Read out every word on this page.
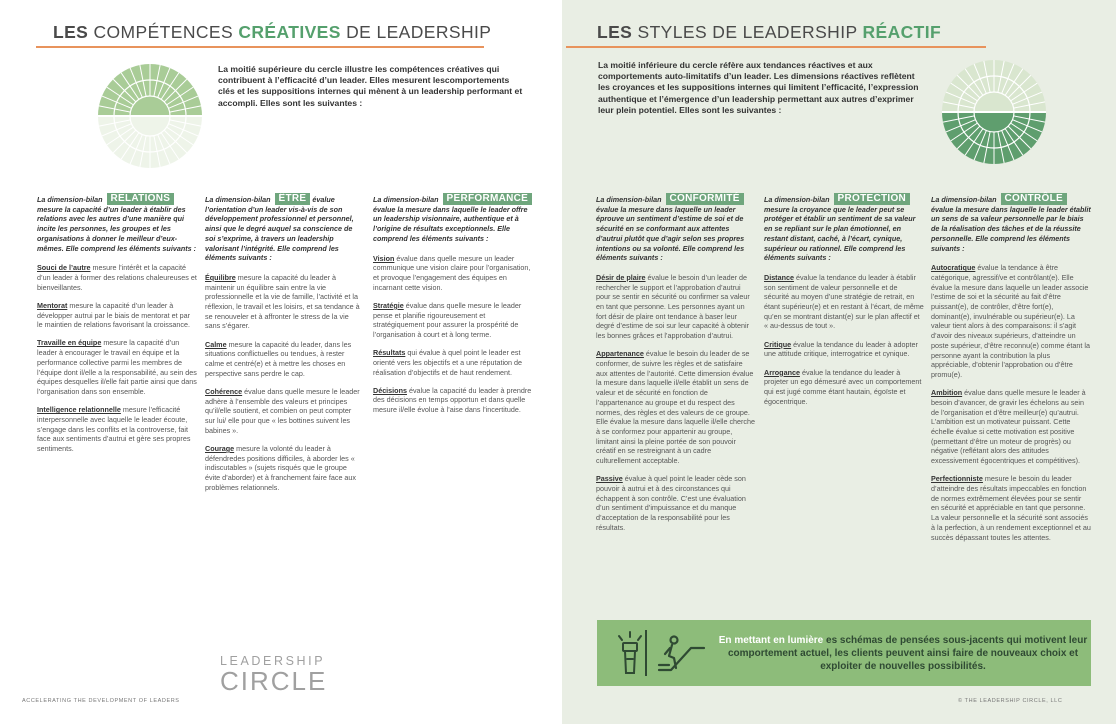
LES COMPÉTENCES CRÉATIVES DE LEADERSHIP
La moitié supérieure du cercle illustre les compétences créatives qui contribuent à l’efficacité d’un leader. Elles mesurent lescomportements clés et les suppositions internes qui mènent à un leadership performant et accompli. Elles sont les suivantes :
La dimension-bilan RELATIONS mesure la capacité d’un leader à établir des relations avec les autres d’une manière qui incite les personnes, les groupes et les organisations à donner le meilleur d’eux-mêmes. Elle comprend les éléments suivants :
Souci de l’autre mesure l’intérêt et la capacité d’un leader à former des relations chaleureuses et bienveillantes.
Mentorat mesure la capacité d’un leader à développer autrui par le biais de mentorat et par le maintien de relations favorisant la croissance.
Travaille en équipe mesure la capacité d’un leader à encourager le travail en équipe et la performance collective parmi les membres de l’équipe dont il/elle a la responsabilité, au sein des équipes desquelles il/elle fait partie ainsi que dans l’organisation dans son ensemble.
Intelligence relationnelle mesure l’efficacité interpersonnelle avec laquelle le leader écoute, s’engage dans les conflits et la controverse, fait face aux sentiments d’autrui et gère ses propres sentiments.
La dimension-bilan ÊTRE évalue l’orientation d’un leader vis-à-vis de son développement professionnel et personnel, ainsi que le degré auquel sa conscience de soi s’exprime, à travers un leadership valorisant l’intégrité. Elle comprend les éléments suivants :
Équilibre mesure la capacité du leader à maintenir un équilibre sain entre la vie professionnelle et la vie de famille, l’activité et la réflexion, le travail et les loisirs, et sa tendance à se renouveler et à affronter le stress de la vie sans s’égarer.
Calme mesure la capacité du leader, dans les situations conflictuelles ou tendues, à rester calme et centré(e) et à mettre les choses en perspective sans perdre le cap.
Cohérence évalue dans quelle mesure le leader adhère à l’ensemble des valeurs et principes qu’il/elle soutient, et combien on peut compter sur lui/ elle pour que « les bottines suivent les babines ».
Courage mesure la volonté du leader à défendredes positions difficiles, à aborder les « indiscutables » (sujets risqués que le groupe évite d’aborder) et à franchement faire face aux problèmes relationnels.
La dimension-bilan PERFORMANCE évalue la mesure dans laquelle le leader offre un leadership visionnaire, authentique et à l’origine de résultats exceptionnels. Elle comprend les éléments suivants :
Vision évalue dans quelle mesure un leader communique une vision claire pour l’organisation, et provoque l’engagement des équipes en incarnant cette vision.
Stratégie évalue dans quelle mesure le leader pense et planifie rigoureusement et stratégiquement pour assurer la prospérité de l’organisation à court et à long terme.
Résultats qui évalue à quel point le leader est orienté vers les objectifs et a une réputation de réalisation d’objectifs et de haut rendement.
Décisions évalue la capacité du leader à prendre des décisions en temps opportun et dans quelle mesure il/elle évolue à l’aise dans l’incertitude.
LEADERSHIP
CIRCLE
ACCELERATING THE DEVELOPMENT OF LEADERS
LES STYLES DE LEADERSHIP RÉACTIF
La moitié inférieure du cercle réfère aux tendances réactives et aux comportements auto-limitatifs d’un leader. Les dimensions réactives reflètent les croyances et les suppositions internes qui limitent l’efficacité, l’expression authentique et l’émergence d’un leadership permettant aux autres d’exprimer leur plein potentiel. Elles sont les suivantes :
La dimension-bilan CONFORMITÉ évalue la mesure dans laquelle un leader éprouve un sentiment d’estime de soi et de sécurité en se conformant aux attentes d’autrui plutôt que d’agir selon ses propres intentions ou sa volonté. Elle comprend les éléments suivants :
Désir de plaire évalue le besoin d’un leader de rechercher le support et l’approbation d’autrui pour se sentir en sécurité ou confirmer sa valeur en tant que personne. Les personnes ayant un fort désir de plaire ont tendance à baser leur degré d’estime de soi sur leur capacité à obtenir les bonnes grâces et l’approbation d’autrui.
Appartenance évalue le besoin du leader de se conformer, de suivre les règles et de satisfaire aux attentes de l’autorité. Cette dimension évalue la mesure dans laquelle il/elle établit un sens de valeur et de sécurité en fonction de l’appartenance au groupe et du respect des normes, des règles et des valeurs de ce groupe. Elle évalue la mesure dans laquelle il/elle cherche à se conformez pour appartenir au groupe, limitant ainsi la pleine portée de son pouvoir créatif en se restreignant à un cadre culturellement acceptable.
Passive évalue à quel point le leader cède son pouvoir à autrui et à des circonstances qui échappent à son contrôle. C’est une évaluation d’un sentiment d’impuissance et du manque d’acceptation de la responsabilité pour les résultats.
La dimension-bilan PROTECTION mesure la croyance que le leader peut se protéger et établir un sentiment de sa valeur en se repliant sur le plan émotionnel, en restant distant, caché, à l’écart, cynique, supérieur ou rationnel. Elle comprend les éléments suivants :
Distance évalue la tendance du leader à établir son sentiment de valeur personnelle et de sécurité au moyen d’une stratégie de retrait, en étant supérieur(e) et en restant à l’écart, de même qu’en se montrant distant(e) sur le plan affectif et « au-dessus de tout ».
Critique évalue la tendance du leader à adopter une attitude critique, interrogatrice et cynique.
Arrogance évalue la tendance du leader à projeter un ego démesuré avec un comportement qui est jugé comme étant hautain, égoïste et égocentrique.
La dimension-bilan CONTRÔLE évalue la mesure dans laquelle le leader établit un sens de sa valeur personnelle par le biais de la réalisation des tâches et de la réussite personnelle. Elle comprend les éléments suivants :
Autocratique évalue la tendance à être catégorique, agressif/ve et contrôlant(e). Elle évalue la mesure dans laquelle un leader associe l’estime de soi et la sécurité au fait d’être puissant(e), de contrôler, d’être fort(e), dominant(e), invulnérable ou supérieur(e). La valeur tient alors à des comparaisons: il s’agit d’avoir des niveaux supérieurs, d’atteindre un poste supérieur, d’être reconnu(e) comme étant la personne ayant la contribution la plus appréciable, d’obtenir l’approbation ou d’être promu(e).
Ambition évalue dans quelle mesure le leader à besoin d’avancer, de gravir les échelons au sein de l’organisation et d’être meilleur(e) qu’autrui. L’ambition est un motivateur puissant. Cette échelle évalue si cette motivation est positive (permettant d’être un moteur de progrès) ou négative (reflétant alors des attitudes excessivement égocentriques et compétitives).
Perfectionniste mesure le besoin du leader d’atteindre des résultats impeccables en fonction de normes extrêmement élevées pour se sentir en sécurité et appréciable en tant que personne. La valeur personnelle et la sécurité sont associés à la perfection, à un rendement exceptionnel et au succès dépassant toutes les attentes.
En mettant en lumière es schémas de pensées sous-jacents qui motivent leur comportement actuel, les clients peuvent ainsi faire de nouveaux choix et exploiter de nouvelles possibilités.
© THE LEADERSHIP CIRCLE, LLC
